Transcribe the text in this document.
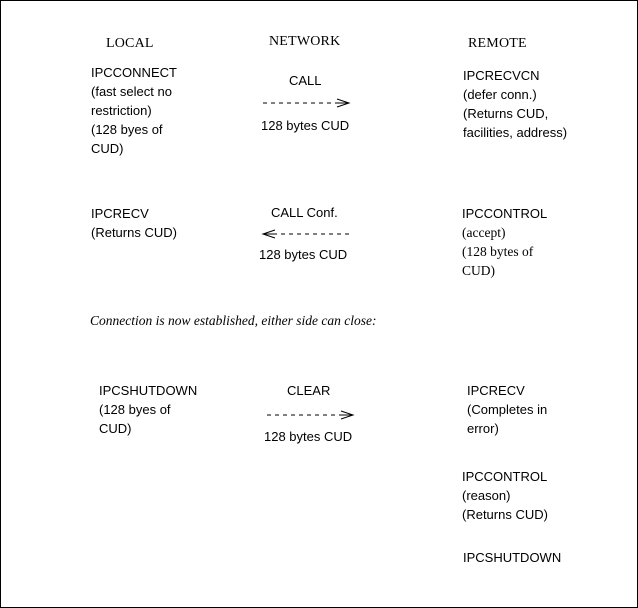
LOCAL	NETWORK	REMOTE
IPCCONNECT
(fast select no
restriction)
(128 byes of
CUD)
CALL
128 bytes CUD
IPCRECVCN
(defer conn.)
(Returns CUD,
facilities, address)
IPCRECV
(Returns CUD)
CALL Conf.
128 bytes CUD
IPCCONTROL
(accept)
(128 bytes of
CUD)
Connection is now established, either side can close:
IPCSHUTDOWN
(128 byes of
CUD)
CLEAR
128 bytes CUD
IPCRECV
(Completes in
error)
IPCCONTROL
(reason)
(Returns CUD)
IPCSHUTDOWN
